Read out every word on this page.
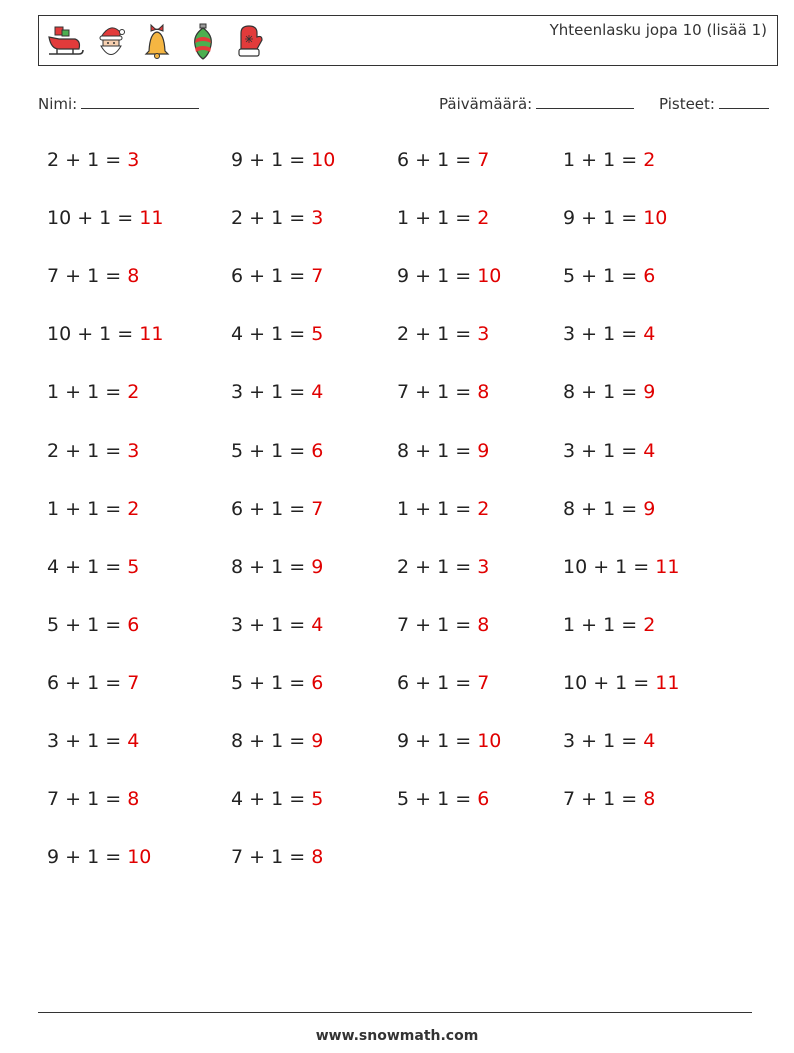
Yhteenlasku jopa 10 (lisää 1)
Nimi:	Päivämäärä:	Pisteet:
2 + 1 = 3
10 + 1 = 11
7 + 1 = 8
10 + 1 = 11
1 + 1 = 2
2 + 1 = 3
1 + 1 = 2
4 + 1 = 5
5 + 1 = 6
6 + 1 = 7
3 + 1 = 4
7 + 1 = 8
9 + 1 = 10
9 + 1 = 10
2 + 1 = 3
6 + 1 = 7
4 + 1 = 5
3 + 1 = 4
5 + 1 = 6
6 + 1 = 7
8 + 1 = 9
3 + 1 = 4
5 + 1 = 6
8 + 1 = 9
4 + 1 = 5
7 + 1 = 8
6 + 1 = 7
1 + 1 = 2
9 + 1 = 10
2 + 1 = 3
7 + 1 = 8
8 + 1 = 9
1 + 1 = 2
2 + 1 = 3
7 + 1 = 8
6 + 1 = 7
9 + 1 = 10
5 + 1 = 6
1 + 1 = 2
9 + 1 = 10
5 + 1 = 6
3 + 1 = 4
8 + 1 = 9
3 + 1 = 4
8 + 1 = 9
10 + 1 = 11
1 + 1 = 2
10 + 1 = 11
3 + 1 = 4
7 + 1 = 8
www.snowmath.com
